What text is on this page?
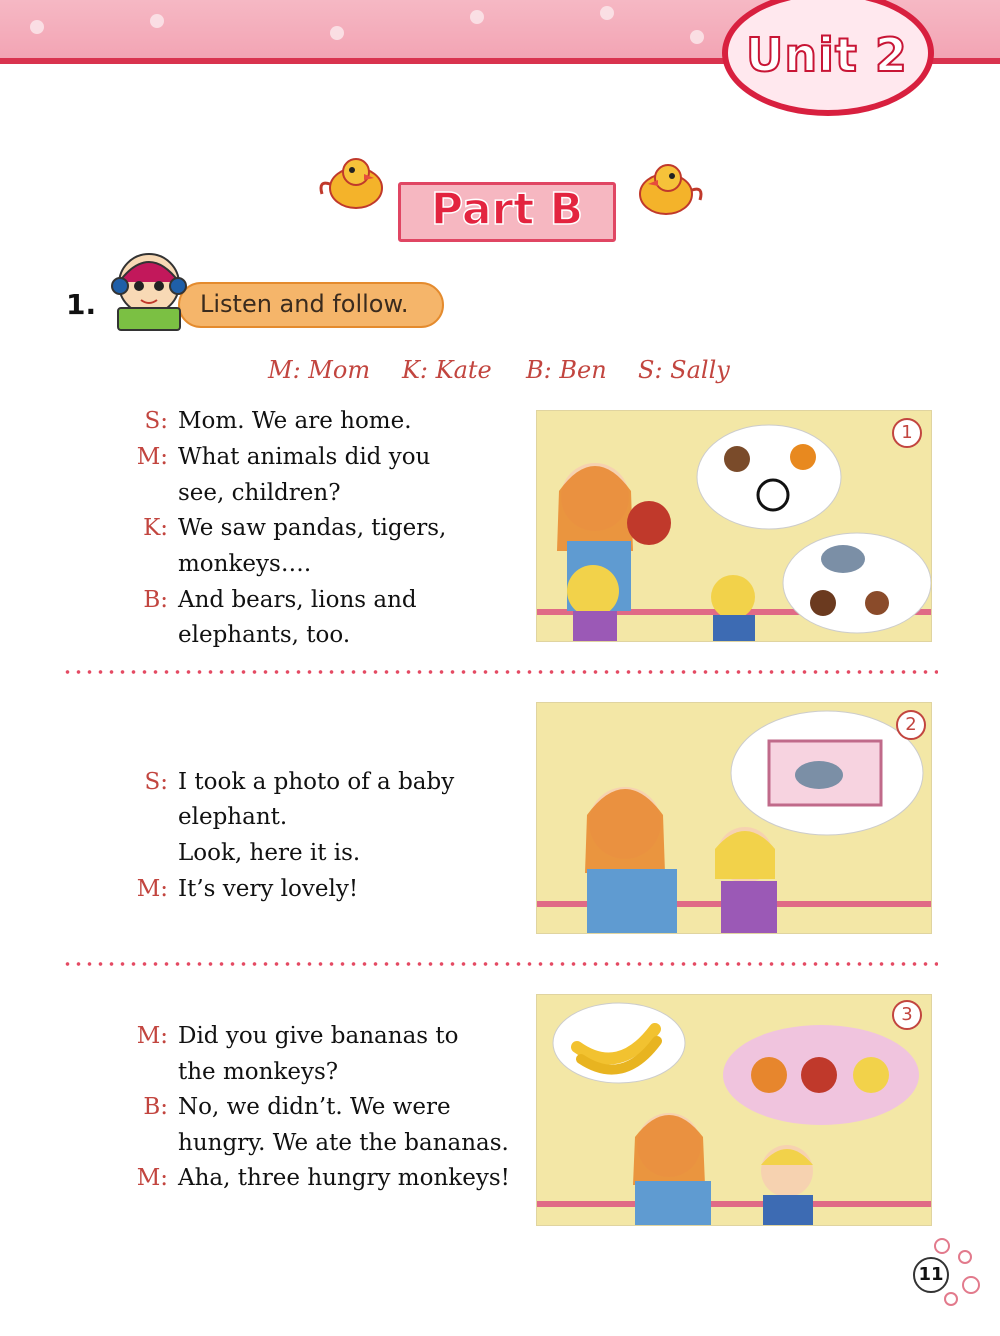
Unit 2
Part B
1.	Listen and follow.
M: Mom K: Kate B: Ben S: Sally
S: Mom. We are home.
M: What animals did you
see, children?
K: We saw pandas, tigers,
monkeys….
B: And bears, lions and
elephants, too.
1
S: I took a photo of a baby
elephant.
Look, here it is.
M: It’s very lovely!
2
M: Did you give bananas to
the monkeys?
B: No, we didn’t. We were
hungry. We ate the bananas.
M: Aha, three hungry monkeys!
3
11
